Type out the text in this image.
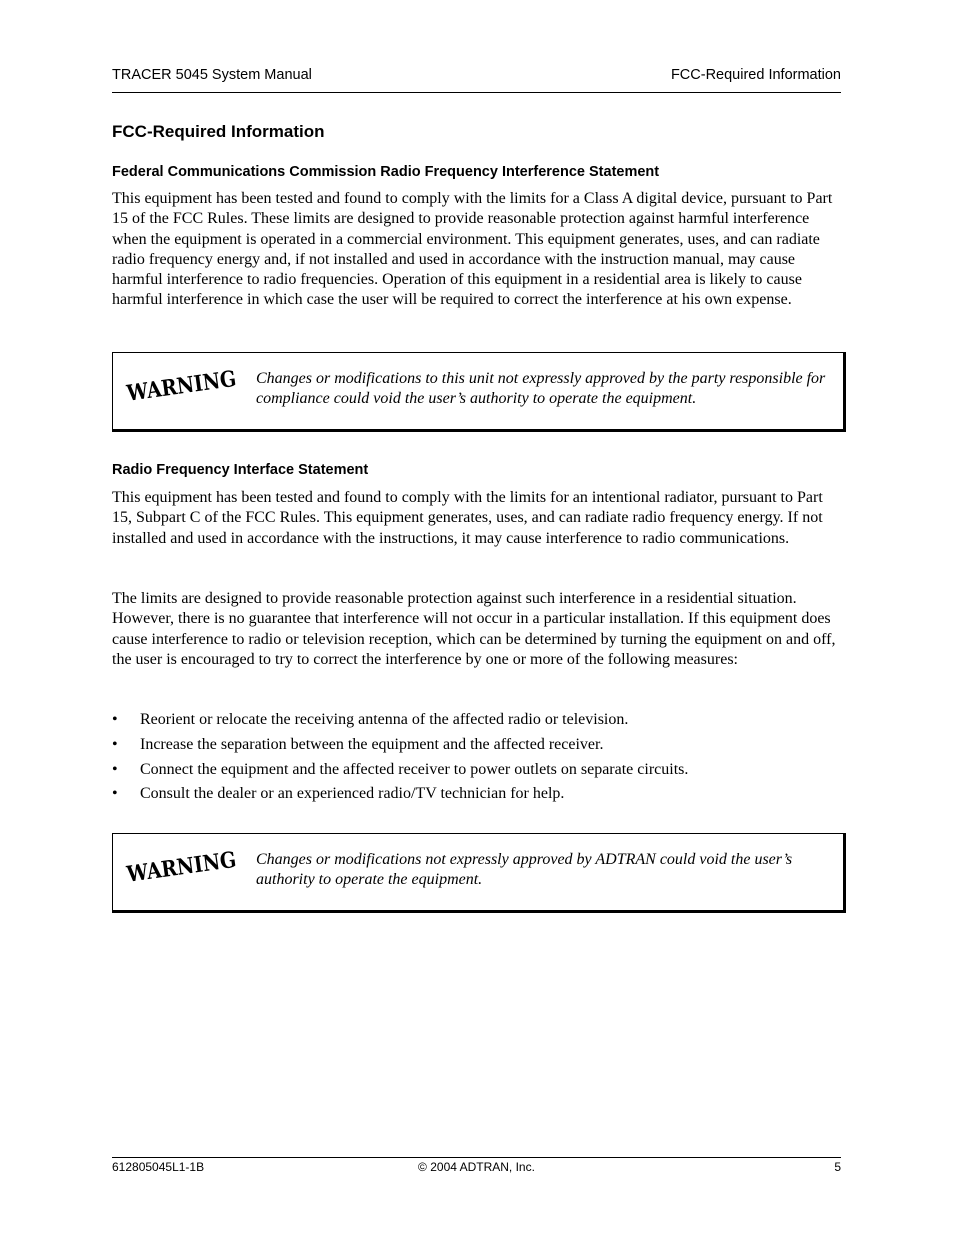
TRACER 5045 System Manual	FCC-Required Information
FCC-Required Information
Federal Communications Commission Radio Frequency Interference Statement
This equipment has been tested and found to comply with the limits for a Class A digital device, pursuant to Part 15 of the FCC Rules. These limits are designed to provide reasonable protection against harmful interference when the equipment is operated in a commercial environment. This equipment generates, uses, and can radiate radio frequency energy and, if not installed and used in accordance with the instruction manual, may cause harmful interference to radio frequencies. Operation of this equipment in a residential area is likely to cause harmful interference in which case the user will be required to correct the interference at his own expense.
WARNING Changes or modifications to this unit not expressly approved by the party responsible for compliance could void the user’s authority to operate the equipment.
Radio Frequency Interface Statement
This equipment has been tested and found to comply with the limits for an intentional radiator, pursuant to Part 15, Subpart C of the FCC Rules. This equipment generates, uses, and can radiate radio frequency energy. If not installed and used in accordance with the instructions, it may cause interference to radio communications.
The limits are designed to provide reasonable protection against such interference in a residential situation. However, there is no guarantee that interference will not occur in a particular installation. If this equipment does cause interference to radio or television reception, which can be determined by turning the equipment on and off, the user is encouraged to try to correct the interference by one or more of the following measures:
• Reorient or relocate the receiving antenna of the affected radio or television.
• Increase the separation between the equipment and the affected receiver.
• Connect the equipment and the affected receiver to power outlets on separate circuits.
• Consult the dealer or an experienced radio/TV technician for help.
WARNING Changes or modifications not expressly approved by ADTRAN could void the user’s authority to operate the equipment.
612805045L1-1B	© 2004 ADTRAN, Inc.	5
